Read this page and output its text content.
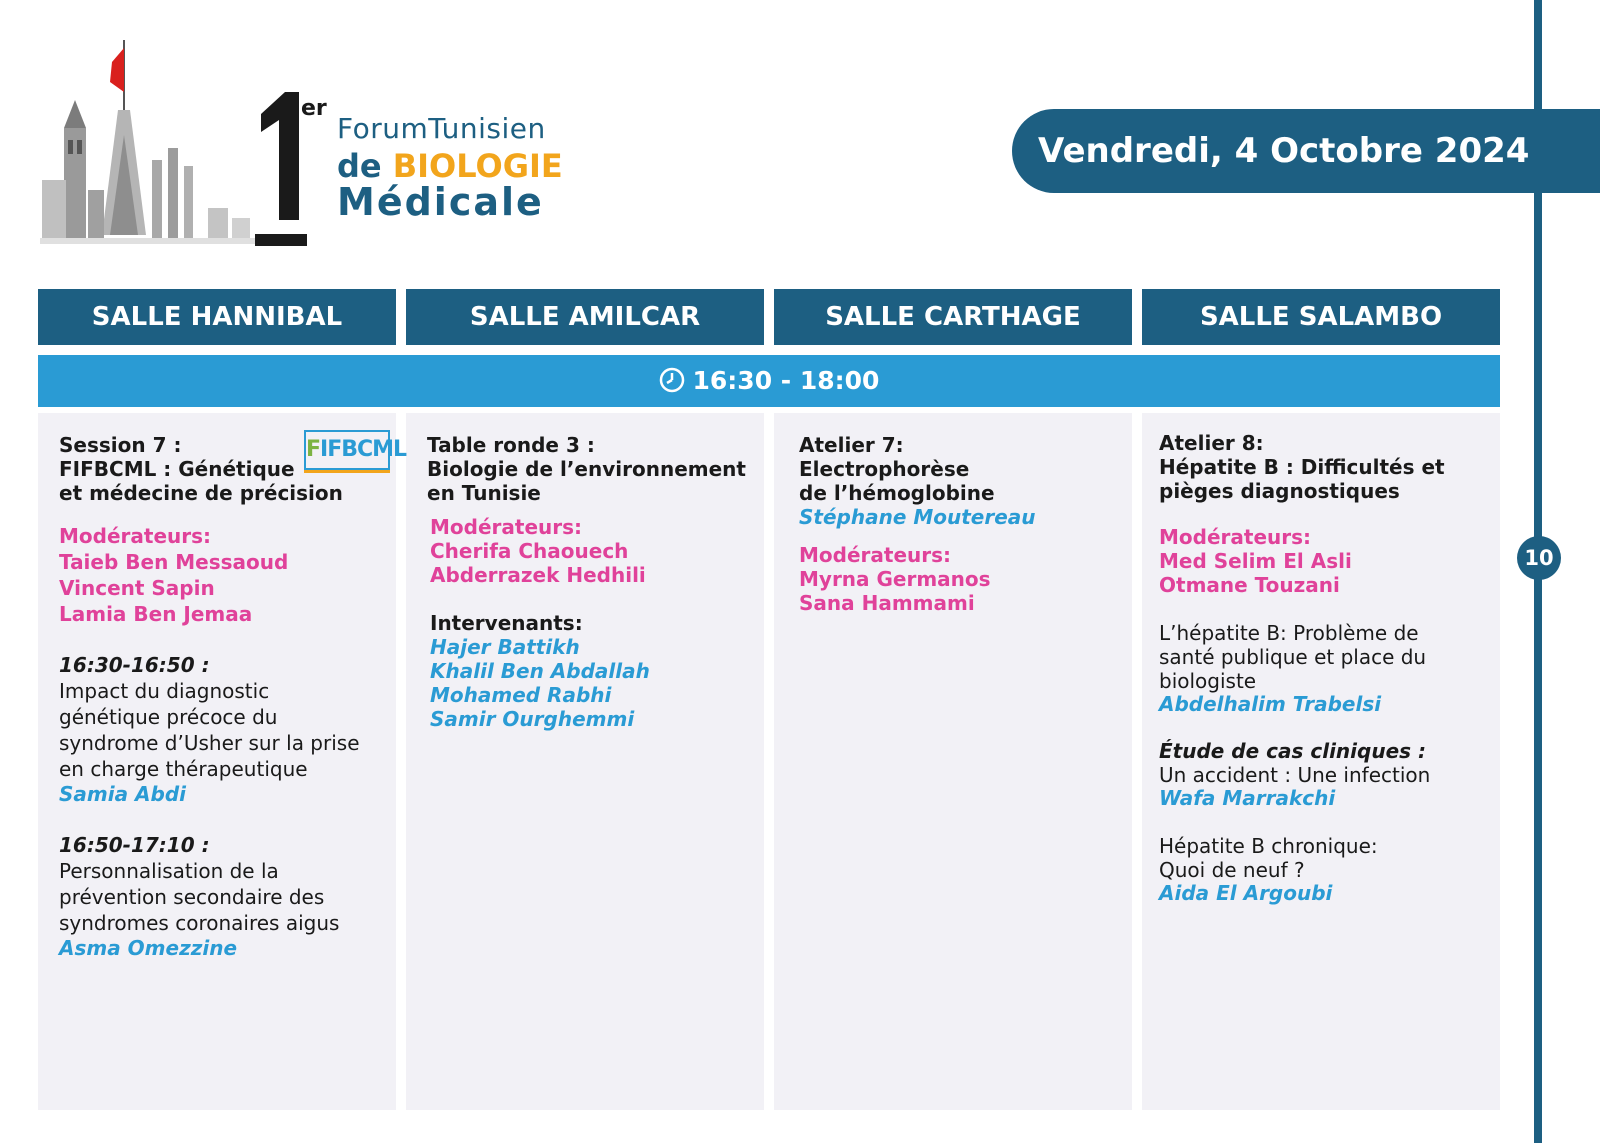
er
ForumTunisien
de BIOLOGIE
Médicale
Vendredi, 4 Octobre 2024
10
SALLE HANNIBAL	SALLE AMILCAR	SALLE CARTHAGE	SALLE SALAMBO
16:30 - 18:00
Session 7 :
FIFBCML : Génétique
et médecine de précision
FIFBCML
Modérateurs:
Taieb Ben Messaoud
Vincent Sapin
Lamia Ben Jemaa
16:30-16:50 :
Impact du diagnostic
génétique précoce du
syndrome d’Usher sur la prise
en charge thérapeutique
Samia Abdi
16:50-17:10 :
Personnalisation de la
prévention secondaire des
syndromes coronaires aigus
Asma Omezzine
Table ronde 3 :
Biologie de l’environnement
en Tunisie
Modérateurs:
Cherifa Chaouech
Abderrazek Hedhili
Intervenants:
Hajer Battikh
Khalil Ben Abdallah
Mohamed Rabhi
Samir Ourghemmi
Atelier 7:
Electrophorèse
de l’hémoglobine
Stéphane Moutereau
Modérateurs:
Myrna Germanos
Sana Hammami
Atelier 8:
Hépatite B : Difficultés et
pièges diagnostiques
Modérateurs:
Med Selim El Asli
Otmane Touzani
L’hépatite B: Problème de
santé publique et place du
biologiste
Abdelhalim Trabelsi
Étude de cas cliniques :
Un accident : Une infection
Wafa Marrakchi
Hépatite B chronique:
Quoi de neuf ?
Aida El Argoubi
